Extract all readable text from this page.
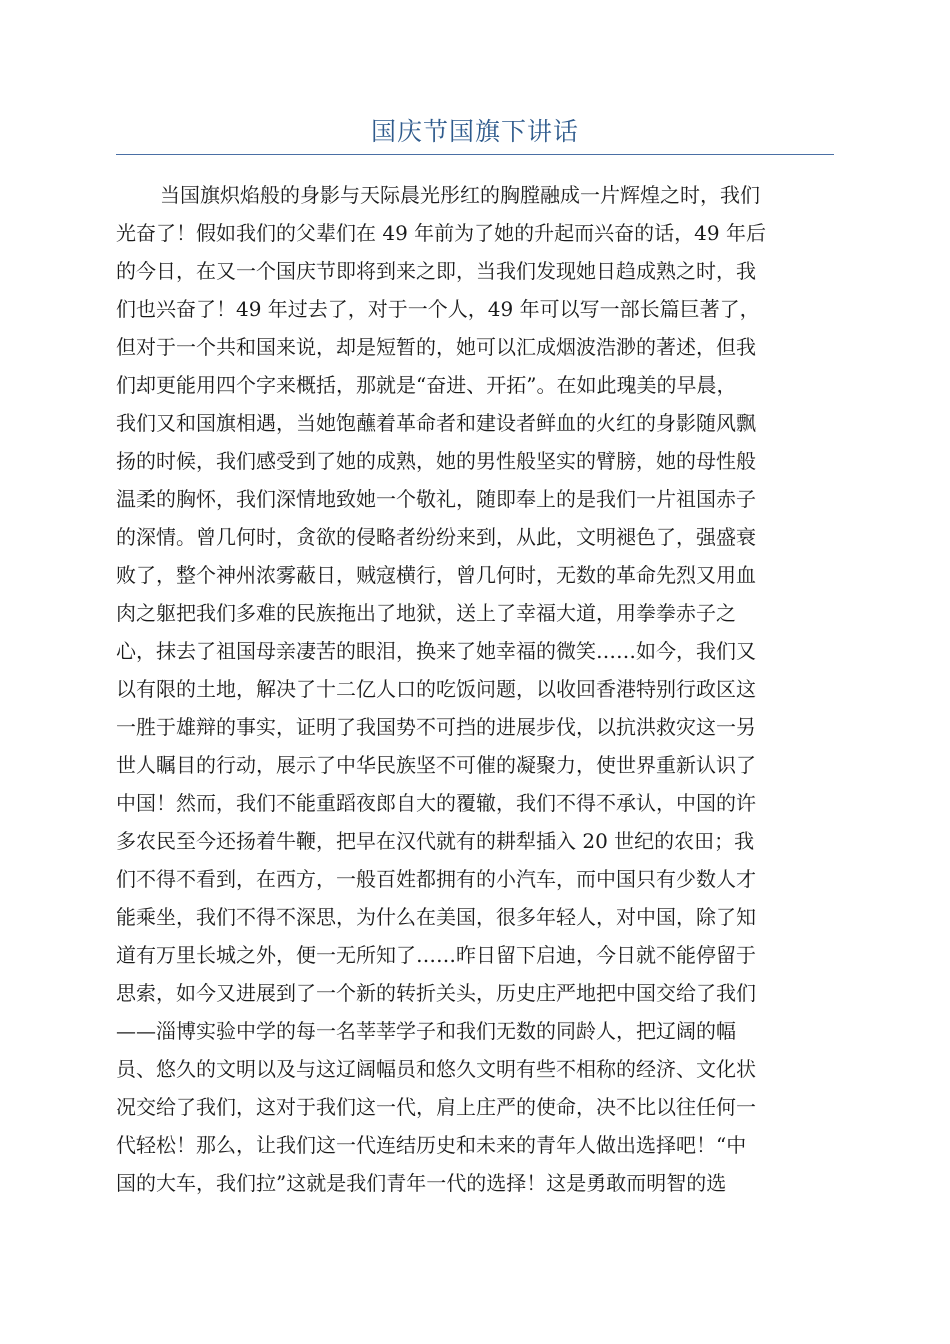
国庆节国旗下讲话
当国旗炽焰般的身影与天际晨光彤红的胸膛融成一片辉煌之时，我们
光奋了！假如我们的父辈们在 49 年前为了她的升起而兴奋的话，49 年后
的今日，在又一个国庆节即将到来之即，当我们发现她日趋成熟之时，我
们也兴奋了！49 年过去了，对于一个人，49 年可以写一部长篇巨著了，
但对于一个共和国来说，却是短暂的，她可以汇成烟波浩渺的著述，但我
们却更能用四个字来概括，那就是“奋进、开拓”。在如此瑰美的早晨，
我们又和国旗相遇，当她饱蘸着革命者和建设者鲜血的火红的身影随风飘
扬的时候，我们感受到了她的成熟，她的男性般坚实的臂膀，她的母性般
温柔的胸怀，我们深情地致她一个敬礼，随即奉上的是我们一片祖国赤子
的深情。曾几何时，贪欲的侵略者纷纷来到，从此，文明褪色了，强盛衰
败了，整个神州浓雾蔽日，贼寇横行，曾几何时，无数的革命先烈又用血
肉之躯把我们多难的民族拖出了地狱，送上了幸福大道，用拳拳赤子之
心，抹去了祖国母亲凄苦的眼泪，换来了她幸福的微笑……如今，我们又
以有限的土地，解决了十二亿人口的吃饭问题，以收回香港特别行政区这
一胜于雄辩的事实，证明了我国势不可挡的进展步伐，以抗洪救灾这一另
世人瞩目的行动，展示了中华民族坚不可催的凝聚力，使世界重新认识了
中国！然而，我们不能重蹈夜郎自大的覆辙，我们不得不承认，中国的许
多农民至今还扬着牛鞭，把早在汉代就有的耕犁插入 20 世纪的农田；我
们不得不看到，在西方，一般百姓都拥有的小汽车，而中国只有少数人才
能乘坐，我们不得不深思，为什么在美国，很多年轻人，对中国，除了知
道有万里长城之外，便一无所知了……昨日留下启迪，今日就不能停留于
思索，如今又进展到了一个新的转折关头，历史庄严地把中国交给了我们
——淄博实验中学的每一名莘莘学子和我们无数的同龄人，把辽阔的幅
员、悠久的文明以及与这辽阔幅员和悠久文明有些不相称的经济、文化状
况交给了我们，这对于我们这一代，肩上庄严的使命，决不比以往任何一
代轻松！那么，让我们这一代连结历史和未来的青年人做出选择吧！“中
国的大车，我们拉”这就是我们青年一代的选择！这是勇敢而明智的选
